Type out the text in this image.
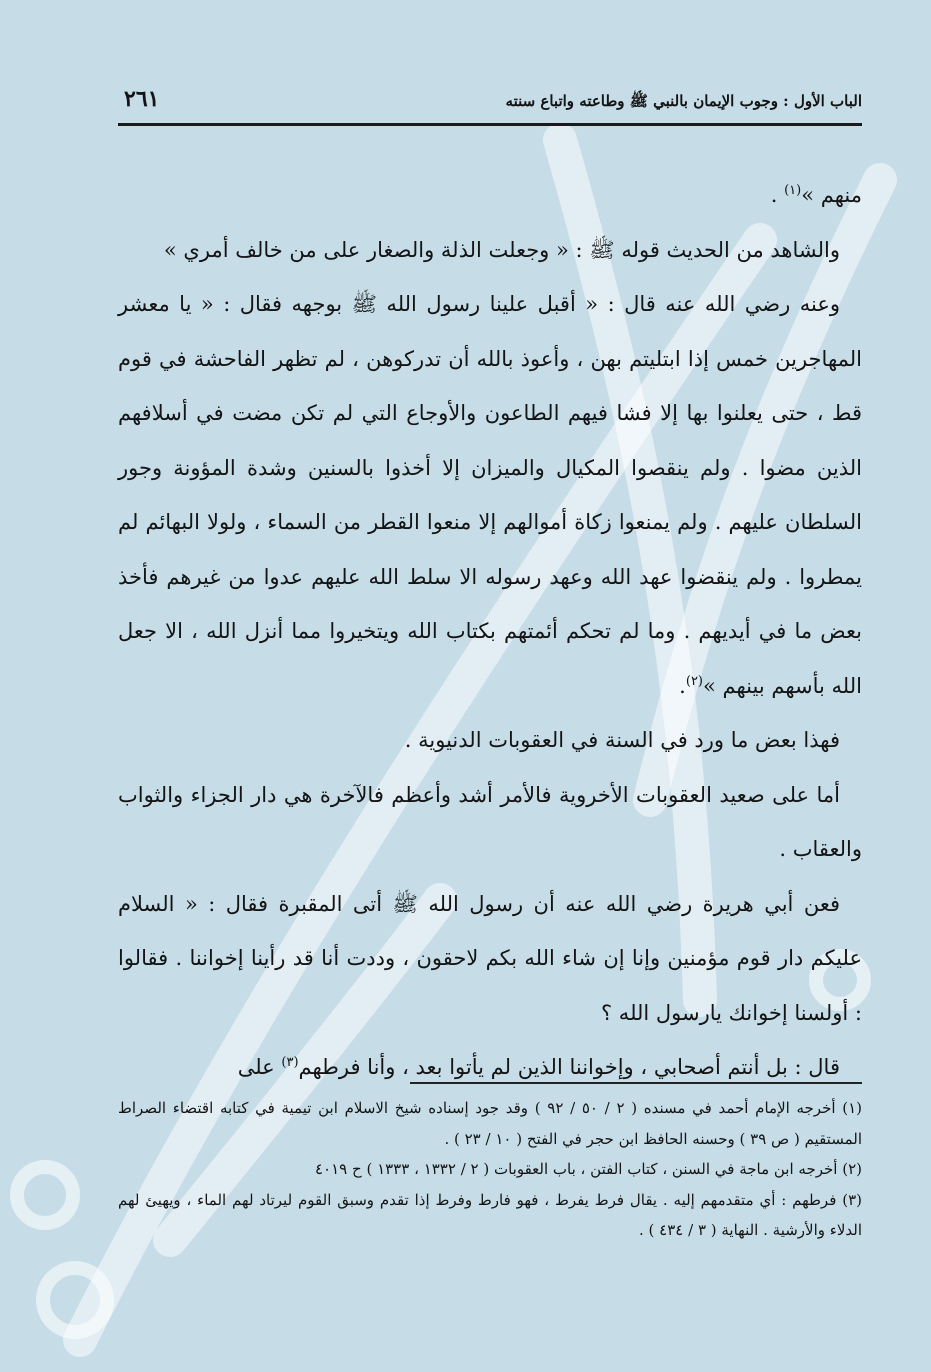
الباب الأول : وجوب الإيمان بالنبي ﷺ وطاعته واتباع سنته
٢٦١

منهم »$^{(١)}$ .

والشاهد من الحديث قوله ﷺ : « وجعلت الذلة والصغار على من خالف أمري »

وعنه رضي الله عنه قال : « أقبل علينا رسول الله ﷺ بوجهه فقال : « يا معشر المهاجرين خمس إذا ابتليتم بهن ، وأعوذ بالله أن تدركوهن ، لم تظهر الفاحشة في قوم قط ، حتى يعلنوا بها إلا فشا فيهم الطاعون والأوجاع التي لم تكن مضت في أسلافهم الذين مضوا . ولم ينقصوا المكيال والميزان إلا أخذوا بالسنين وشدة المؤونة وجور السلطان عليهم . ولم يمنعوا زكاة أموالهم إلا منعوا القطر من السماء ، ولولا البهائم لم يمطروا . ولم ينقضوا عهد الله وعهد رسوله الا سلط الله عليهم عدوا من غيرهم فأخذ بعض ما في أيديهم . وما لم تحكم أئمتهم بكتاب الله ويتخيروا مما أنزل الله ، الا جعل الله بأسهم بينهم »$^{(٢)}$.

فهذا بعض ما ورد في السنة في العقوبات الدنيوية .

أما على صعيد العقوبات الأخروية فالأمر أشد وأعظم فالآخرة هي دار الجزاء والثواب والعقاب .

فعن أبي هريرة رضي الله عنه أن رسول الله ﷺ أتى المقبرة فقال : « السلام عليكم دار قوم مؤمنين وإنا إن شاء الله بكم لاحقون ، وددت أنا قد رأينا إخواننا . فقالوا : أولسنا إخوانك يارسول الله ؟

قال : بل أنتم أصحابي ، وإخواننا الذين لم يأتوا بعد ، وأنا فرطهم$^{(٣)}$ على

(١) أخرجه الإمام أحمد في مسنده ( ٢ / ٥٠ / ٩٢ ) وقد جود إسناده شيخ الاسلام ابن تيمية في كتابه اقتضاء الصراط المستقيم ( ص ٣٩ ) وحسنه الحافظ ابن حجر في الفتح ( ١٠ / ٢٣ ) .

(٢) أخرجه ابن ماجة في السنن ، كتاب الفتن ، باب العقوبات ( ٢ / ١٣٣٢ ، ١٣٣٣ ) ح ٤٠١٩

(٣) فرطهم : أي متقدمهم إليه . يقال فرط يفرط ، فهو فارط وفرط إذا تقدم وسبق القوم ليرتاد لهم الماء ، ويهيئ لهم الدلاء والأرشية . النهاية ( ٣ / ٤٣٤ ) .
